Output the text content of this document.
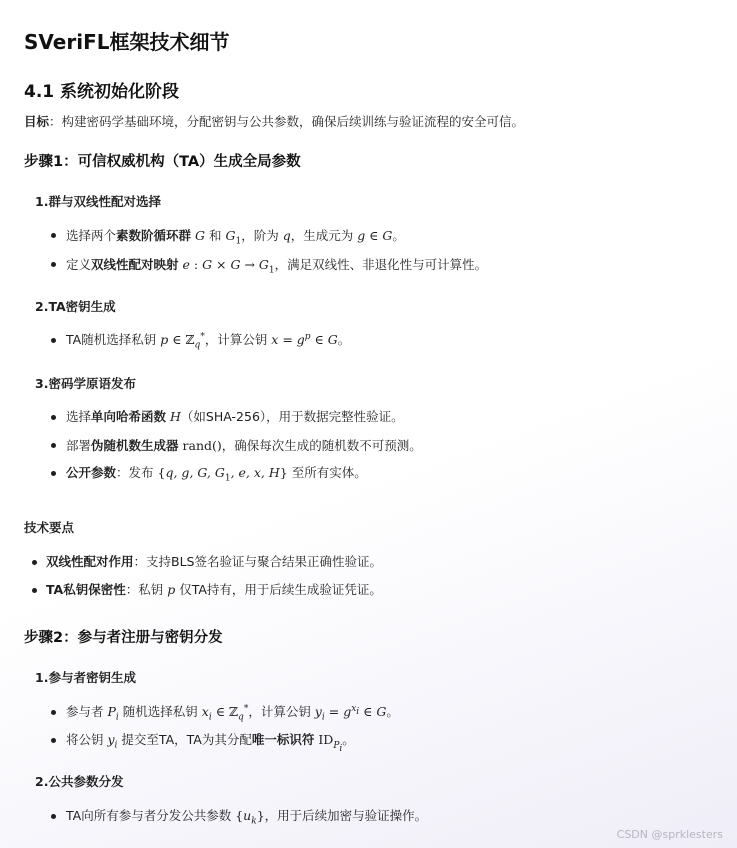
SVeriFL框架技术细节
4.1 系统初始化阶段
目标：构建密码学基础环境，分配密钥与公共参数，确保后续训练与验证流程的安全可信。
步骤1：可信权威机构（TA）生成全局参数
1.群与双线性配对选择
选择两个素数阶循环群 G 和 $G_1$，阶为 q，生成元为 g ∈ G。
定义双线性配对映射 e : $G \times G \to G_1$，满足双线性、非退化性与可计算性。
2.TA密钥生成
TA随机选择私钥 p ∈ ℤ$_q$*，计算公钥 $x = g^p$ ∈ G。
3.密码学原语发布
选择单向哈希函数 H（如SHA-256），用于数据完整性验证。
部署伪随机数生成器 rand()，确保每次生成的随机数不可预测。
公开参数：发布 {q, g, G, $G_1$, e, x, H} 至所有实体。
技术要点
双线性配对作用：支持BLS签名验证与聚合结果正确性验证。
TA私钥保密性：私钥 p 仅TA持有，用于后续生成验证凭证。
步骤2：参与者注册与密钥分发
1.参与者密钥生成
参与者 $P_i$ 随机选择私钥 $x_i$ ∈ ℤ$_q$*，计算公钥 $y_i = g^{x_i}$ ∈ G。
将公钥 $y_i$ 提交至TA，TA为其分配唯一标识符 $ID_{P_i}$。
2.公共参数分发
TA向所有参与者分发公共参数 $\{u_k\}$，用于后续加密与验证操作。
CSDN @sprklesters
